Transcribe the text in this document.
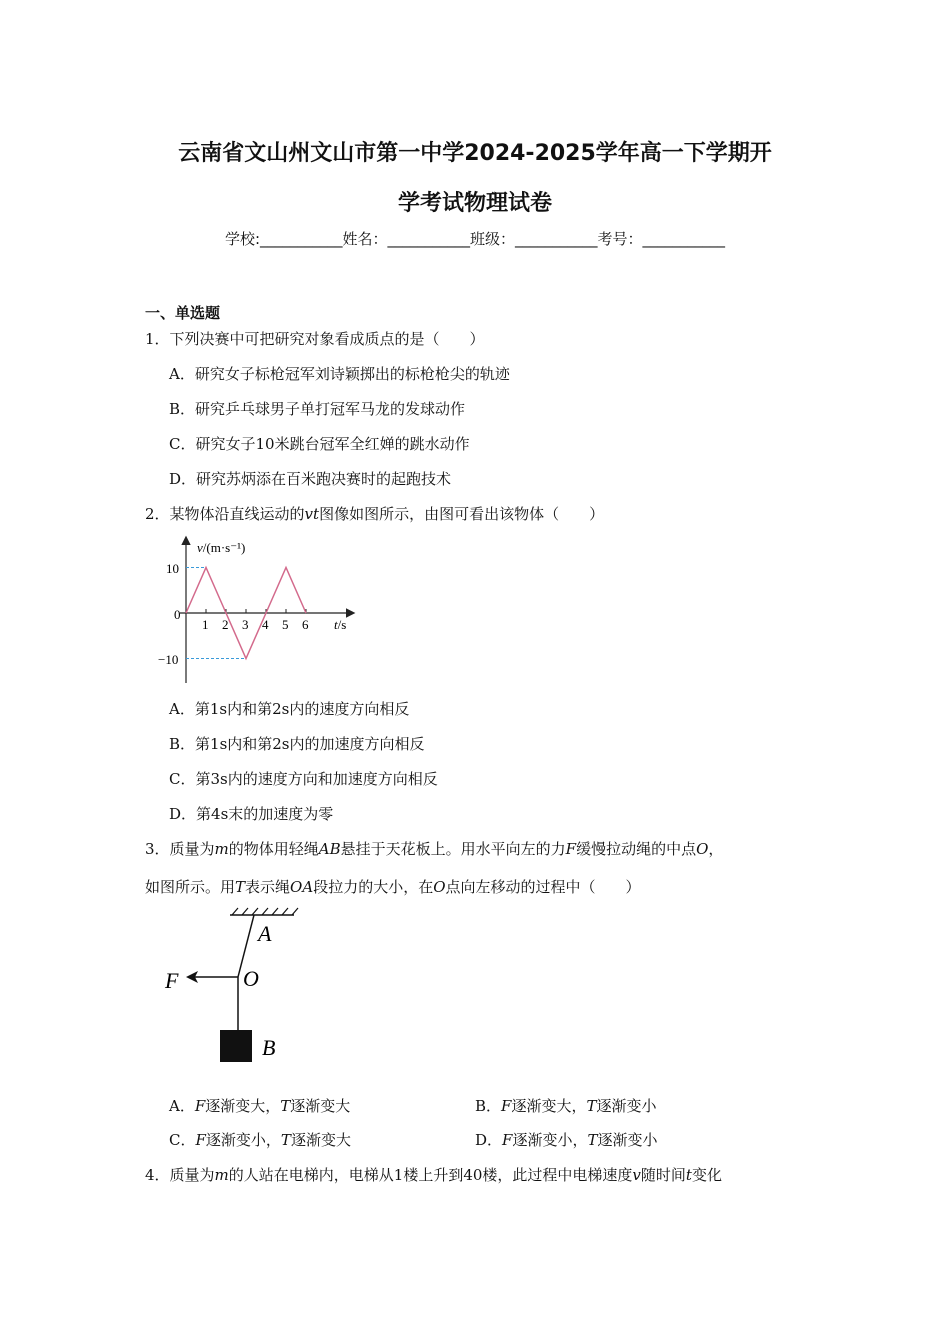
云南省文山州文山市第一中学2024-2025学年高一下学期开
学考试物理试卷
学校:___________姓名：___________班级：___________考号：___________
一、单选题
1．下列决赛中可把研究对象看成质点的是（　　）
A．研究女子标枪冠军刘诗颖掷出的标枪枪尖的轨迹
B．研究乒乓球男子单打冠军马龙的发球动作
C．研究女子10米跳台冠军全红婵的跳水动作
D．研究苏炳添在百米跑决赛时的起跑技术
2．某物体沿直线运动的vt图像如图所示，由图可看出该物体（　　）
1 2 3 4 5 6
v/(m·s⁻¹)
10
0
−10
t/s
A．第1s内和第2s内的速度方向相反
B．第1s内和第2s内的加速度方向相反
C．第3s内的速度方向和加速度方向相反
D．第4s末的加速度为零
3．质量为m的物体用轻绳AB悬挂于天花板上。用水平向左的力F缓慢拉动绳的中点O，
如图所示。用T表示绳OA段拉力的大小，在O点向左移动的过程中（　　）
A
O
F
B
A．F逐渐变大，T逐渐变大	B．F逐渐变大，T逐渐变小
C．F逐渐变小，T逐渐变大	D．F逐渐变小，T逐渐变小
4．质量为m的人站在电梯内，电梯从1楼上升到40楼，此过程中电梯速度v随时间t变化
